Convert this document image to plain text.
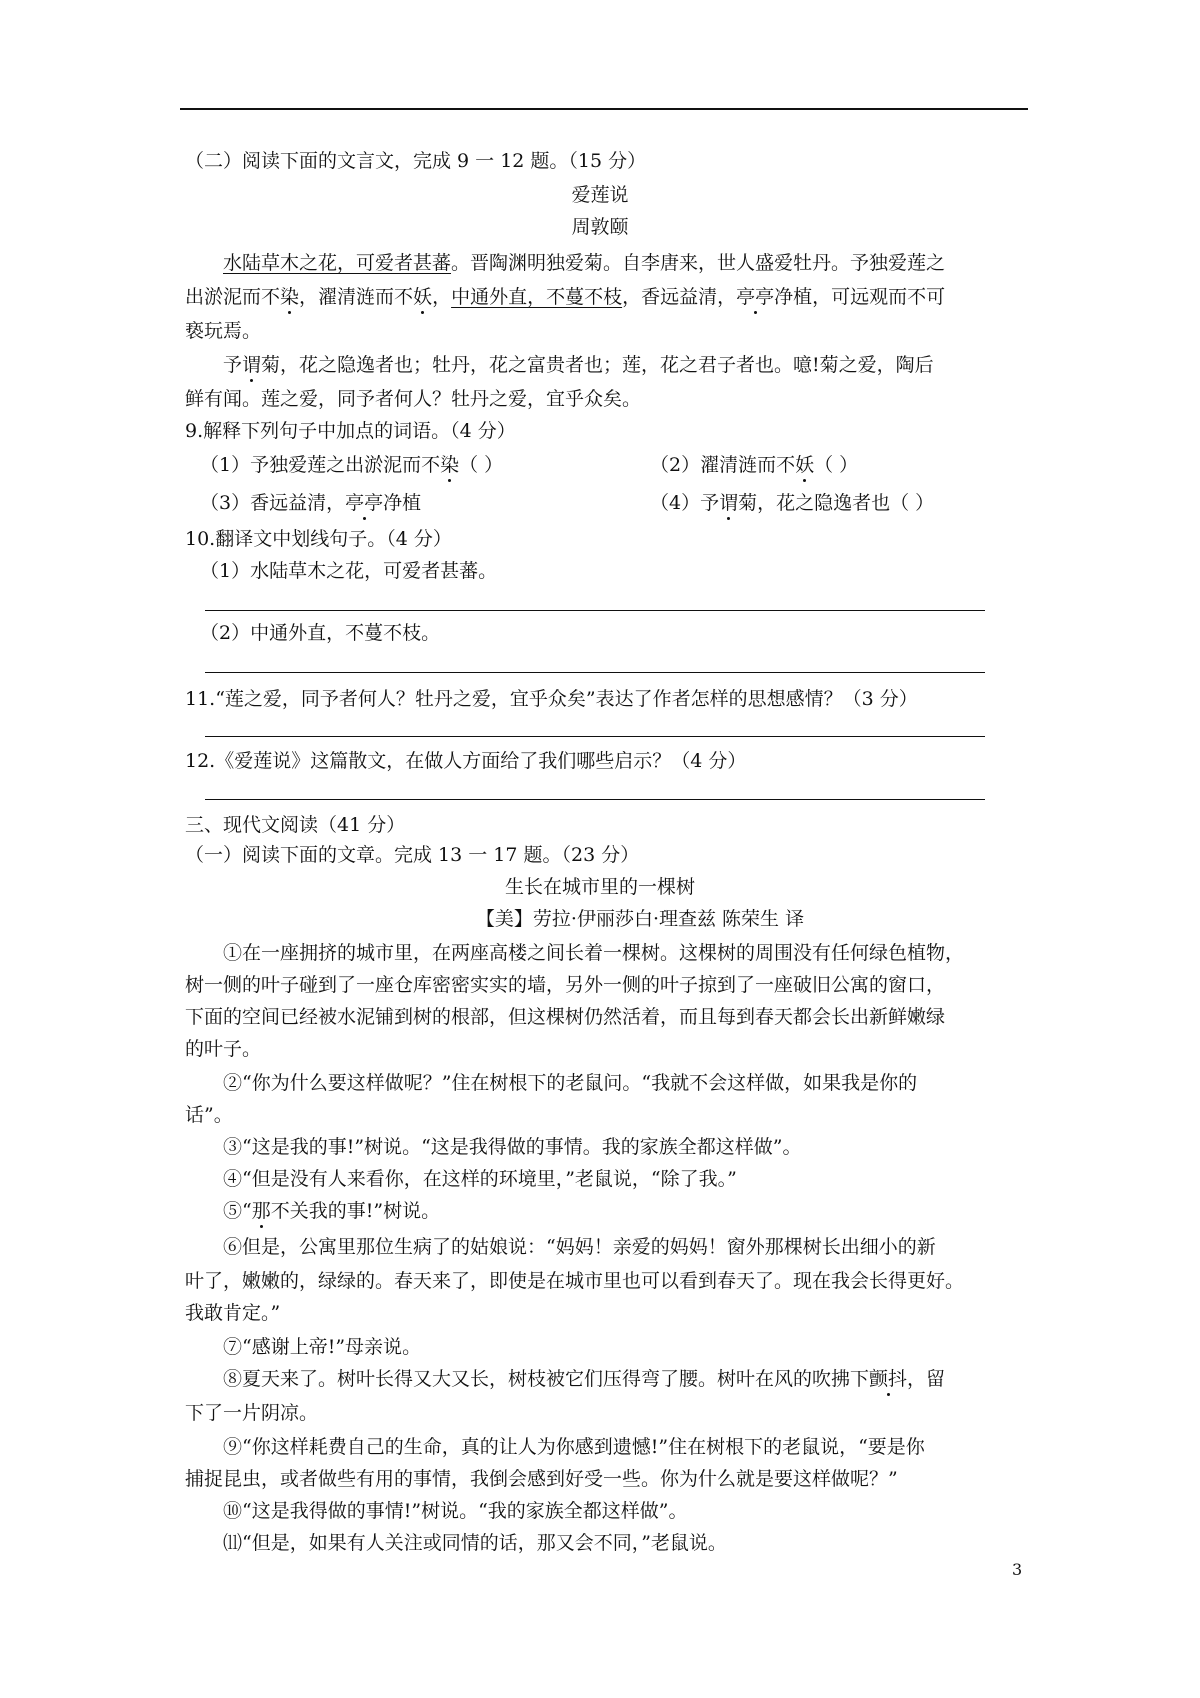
（二）阅读下面的文言文，完成 9 一 12 题。（15 分）
爱莲说
周敦颐
水陆草木之花，可爱者甚蕃。晋陶渊明独爱菊。自李唐来，世人盛爱牡丹。予独爱莲之
出淤泥而不染，濯清涟而不妖，中通外直，不蔓不枝，香远益清，亭亭净植，可远观而不可
亵玩焉。
予谓菊，花之隐逸者也；牡丹，花之富贵者也；莲，花之君子者也。噫!菊之爱，陶后
鲜有闻。莲之爱，同予者何人？牡丹之爱，宜乎众矣。
9.解释下列句子中加点的词语。（4 分）
（1）予独爱莲之出淤泥而不染（ ）	（2）濯清涟而不妖（ ）
（3）香远益清，亭亭净植	（4）予谓菊，花之隐逸者也（ ）
10.翻译文中划线句子。（4 分）
（1）水陆草木之花，可爱者甚蕃。
（2）中通外直，不蔓不枝。
11.“莲之爱，同予者何人？牡丹之爱，宜乎众矣”表达了作者怎样的思想感情？（3 分）
12.《爱莲说》这篇散文，在做人方面给了我们哪些启示？（4 分）
三、现代文阅读（41 分）
（一）阅读下面的文章。完成 13 一 17 题。（23 分）
生长在城市里的一棵树
【美】劳拉·伊丽莎白·理查兹 陈荣生 译
①在一座拥挤的城市里，在两座高楼之间长着一棵树。这棵树的周围没有任何绿色植物，
树一侧的叶子碰到了一座仓库密密实实的墙，另外一侧的叶子掠到了一座破旧公寓的窗口，
下面的空间已经被水泥铺到树的根部，但这棵树仍然活着，而且每到春天都会长出新鲜嫩绿
的叶子。
②“你为什么要这样做呢？”住在树根下的老鼠问。“我就不会这样做，如果我是你的
话”。
③“这是我的事!”树说。“这是我得做的事情。我的家族全都这样做”。
④“但是没有人来看你，在这样的环境里，”老鼠说，“除了我。”
⑤“那不关我的事!”树说。
⑥但是，公寓里那位生病了的姑娘说：“妈妈！亲爱的妈妈！窗外那棵树长出细小的新
叶了，嫩嫩的，绿绿的。春天来了，即使是在城市里也可以看到春天了。现在我会长得更好。
我敢肯定。”
⑦“感谢上帝!”母亲说。
⑧夏天来了。树叶长得又大又长，树枝被它们压得弯了腰。树叶在风的吹拂下颤抖，留
下了一片阴凉。
⑨“你这样耗费自己的生命，真的让人为你感到遗憾!”住在树根下的老鼠说，“要是你
捕捉昆虫，或者做些有用的事情，我倒会感到好受一些。你为什么就是要这样做呢？”
⑩“这是我得做的事情!”树说。“我的家族全都这样做”。
⑾“但是，如果有人关注或同情的话，那又会不同，”老鼠说。
3
